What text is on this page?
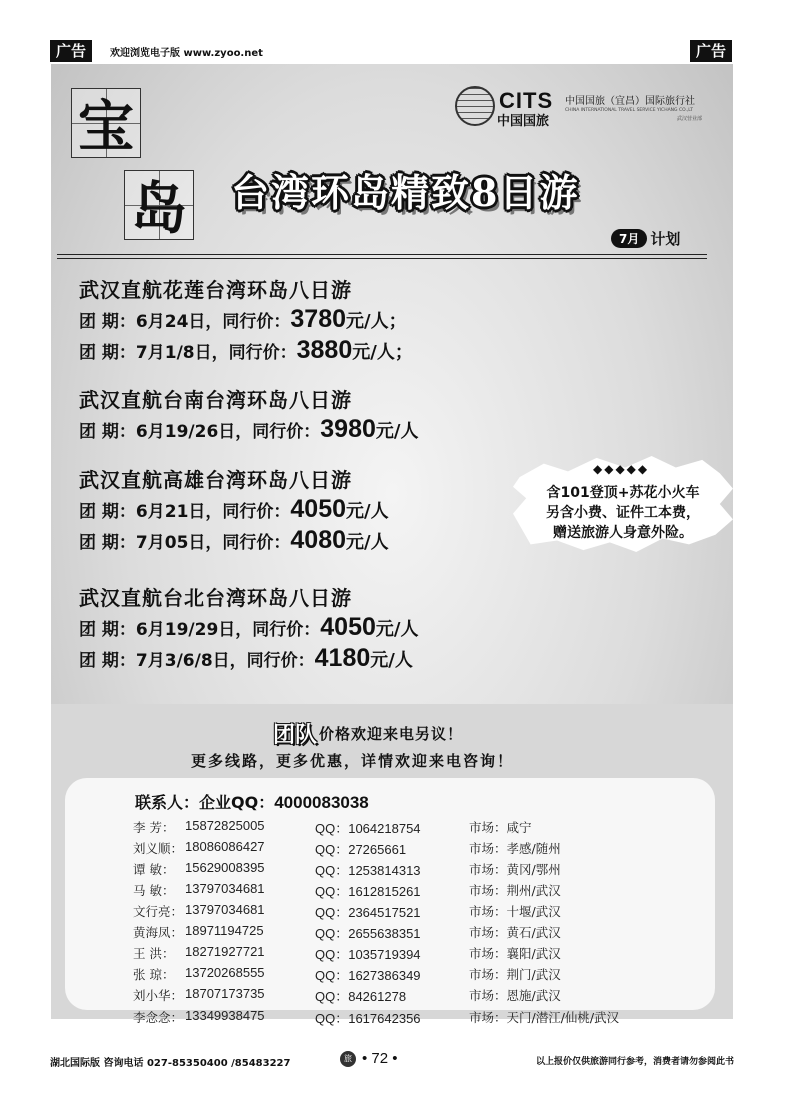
广告	欢迎浏览电子版 www.zyoo.net	广告
宝
岛
CITS
中国国旅
中国国旅（宜昌）国际旅行社
CHINA INTERNATIONAL TRAVEL SERVICE YICHANG CO.,LT
武汉营业部
台湾环岛精致8日游
7月 计划
武汉直航花莲台湾环岛八日游
团 期：6月24日，同行价：3780元/人；
团 期：7月1/8日，同行价：3880元/人；
武汉直航台南台湾环岛八日游
团 期：6月19/26日，同行价：3980元/人
武汉直航高雄台湾环岛八日游
团 期：6月21日，同行价：4050元/人
团 期：7月05日，同行价：4080元/人
武汉直航台北台湾环岛八日游
团 期：6月19/29日，同行价：4050元/人
团 期：7月3/6/8日，同行价：4180元/人
◆◆◆◆◆
含101登顶+苏花小火车
另含小费、证件工本费，
赠送旅游人身意外险。
团队 价格欢迎来电另议！
更多线路，更多优惠，详情欢迎来电咨询！
联系人：企业QQ：4000083038
李 芳： 15872825005	QQ：1064218754	市场：咸宁
刘义顺： 18086086427	QQ：27265661	市场：孝感/随州
谭 敏： 15629008395	QQ：1253814313	市场：黄冈/鄂州
马 敏： 13797034681	QQ：1612815261	市场：荆州/武汉
文行亮： 13797034681	QQ：2364517521	市场：十堰/武汉
黄海凤： 18971194725	QQ：2655638351	市场：黄石/武汉
王 洪： 18271927721	QQ：1035719394	市场：襄阳/武汉
张 琼： 13720268555	QQ：1627386349	市场：荆门/武汉
刘小华： 18707173735	QQ：84261278	市场：恩施/武汉
李念念： 13349938475	QQ：1617642356	市场：天门/潜江/仙桃/武汉
湖北国际版 咨询电话 027-85350400 /85483227	旅 • 72 •	以上报价仅供旅游同行参考，消费者请勿参阅此书
